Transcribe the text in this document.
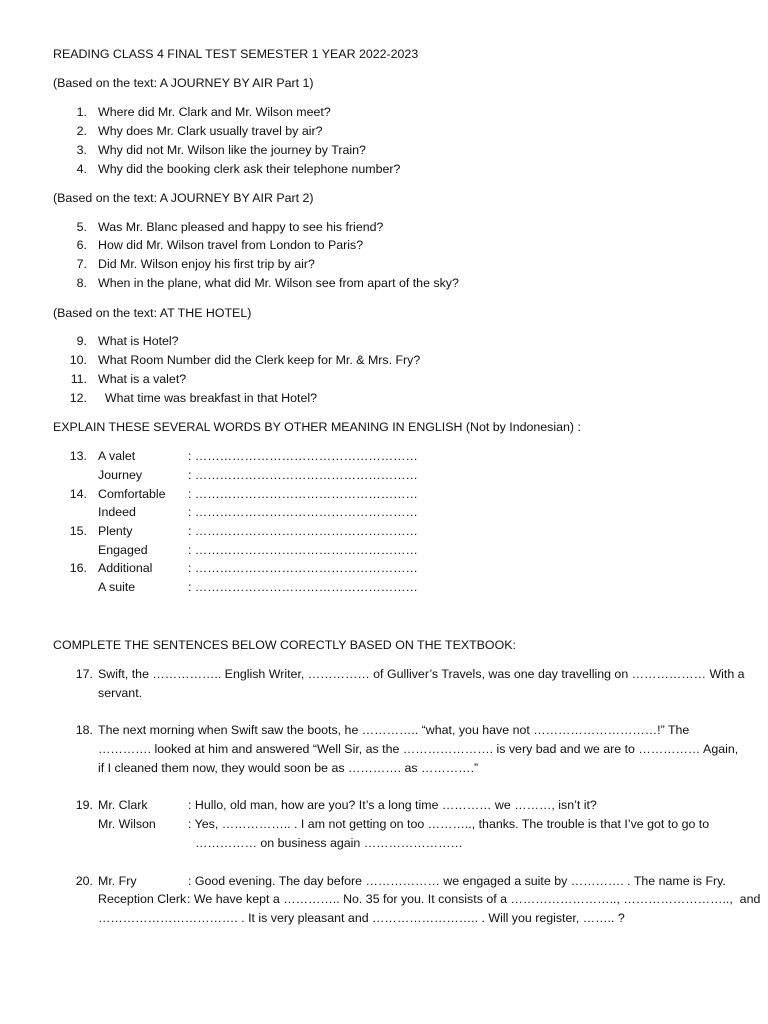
READING CLASS 4 FINAL TEST SEMESTER 1 YEAR 2022-2023
(Based on the text: A JOURNEY BY AIR Part 1)
1. Where did Mr. Clark and Mr. Wilson meet?
2. Why does Mr. Clark usually travel by air?
3. Why did not Mr. Wilson like the journey by Train?
4. Why did the booking clerk ask their telephone number?
(Based on the text: A JOURNEY BY AIR Part 2)
5. Was Mr. Blanc pleased and happy to see his friend?
6. How did Mr. Wilson travel from London to Paris?
7. Did Mr. Wilson enjoy his first trip by air?
8. When in the plane, what did Mr. Wilson see from apart of the sky?
(Based on the text: AT THE HOTEL)
9. What is Hotel?
10. What Room Number did the Clerk keep for Mr. & Mrs. Fry?
11. What is a valet?
12. What time was breakfast in that Hotel?
EXPLAIN THESE SEVERAL WORDS BY OTHER MEANING IN ENGLISH (Not by Indonesian) :
13. A valet	: ………………………………………………
Journey	: ………………………………………………
14. Comfortable : ………………………………………………
Indeed	: ………………………………………………
15. Plenty	: ………………………………………………
Engaged	: ………………………………………………
16. Additional	: ………………………………………………
A suite	: ………………………………………………
COMPLETE THE SENTENCES BELOW CORECTLY BASED ON THE TEXTBOOK:
17. Swift, the …………….. English Writer, …………… of Gulliver’s Travels, was one day travelling on ……………… With a
servant.
18. The next morning when Swift saw the boots, he ………….. “what, you have not …………………………!” The
…………. looked at him and answered “Well Sir, as the …………………. is very bad and we are to …………… Again,
if I cleaned them now, they would soon be as …………. as ………….”
19. Mr. Clark	: Hullo, old man, how are you? It’s a long time ………… we ………, isn’t it?
Mr. Wilson	: Yes, …………….. . I am not getting on too ……….., thanks. The trouble is that I’ve got to go to
…………… on business again ……………………
20. Mr. Fry	: Good evening. The day before ……………… we engaged a suite by …………. . The name is Fry.
Reception Clerk : We have kept a ………….. No. 35 for you. It consists of a …………………….., ……………………..,  and
……………………………. . It is very pleasant and …………………….. . Will you register, …….. ?
